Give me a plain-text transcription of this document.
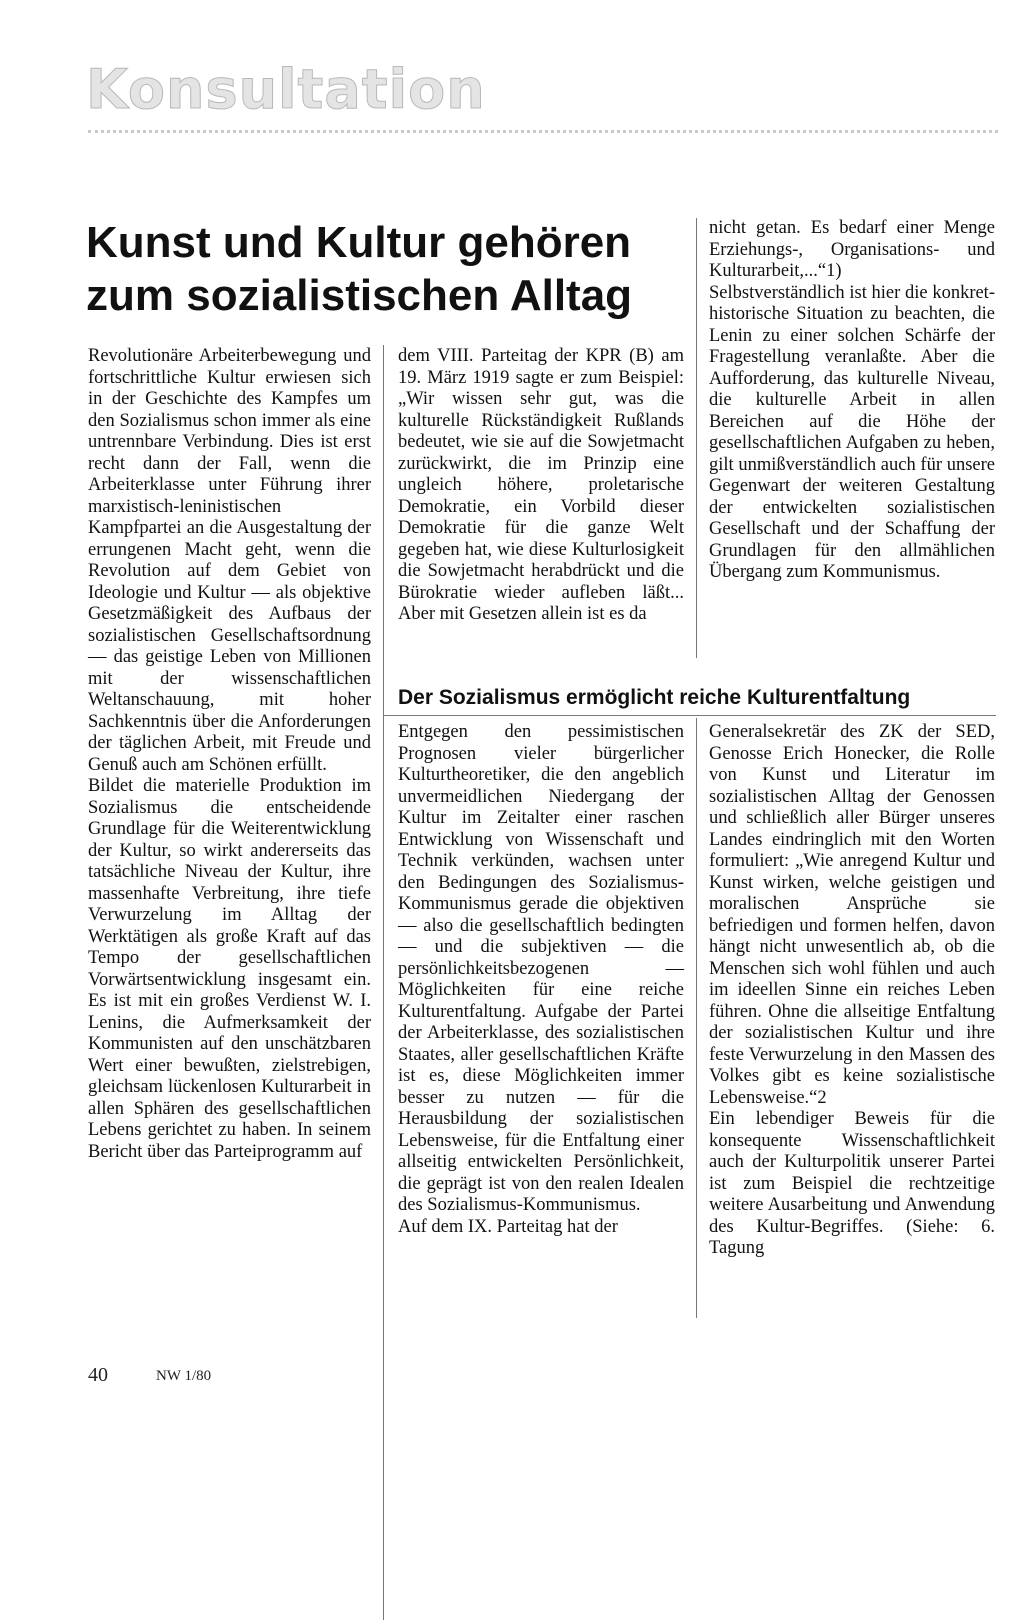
Konsultation
Kunst und Kultur gehören
zum sozialistischen Alltag

Revolutionäre Arbeiterbewegung und fortschrittliche Kultur erwiesen sich in der Geschichte des Kampfes um den Sozialismus schon immer als eine untrennbare Verbindung. Dies ist erst recht dann der Fall, wenn die Arbeiterklasse unter Führung ihrer marxistisch-leninistischen Kampfpartei an die Ausgestaltung der errungenen Macht geht, wenn die Revolution auf dem Gebiet von Ideologie und Kultur — als objektive Gesetzmäßigkeit des Aufbaus der sozialistischen Gesellschaftsordnung — das geistige Leben von Millionen mit der wissenschaftlichen Weltanschauung, mit hoher Sachkenntnis über die Anforderungen der täglichen Arbeit, mit Freude und Genuß auch am Schönen erfüllt.

Bildet die materielle Produktion im Sozialismus die entscheidende Grundlage für die Weiterentwicklung der Kultur, so wirkt andererseits das tatsächliche Niveau der Kultur, ihre massenhafte Verbreitung, ihre tiefe Verwurzelung im Alltag der Werktätigen als große Kraft auf das Tempo der gesellschaftlichen Vorwärtsentwicklung insgesamt ein. Es ist mit ein großes Verdienst W. I. Lenins, die Aufmerksamkeit der Kommunisten auf den unschätzbaren Wert einer bewußten, zielstrebigen, gleichsam lückenlosen Kulturarbeit in allen Sphären des gesellschaftlichen Lebens gerichtet zu haben. In seinem Bericht über das Parteiprogramm auf

dem VIII. Parteitag der KPR (B) am 19. März 1919 sagte er zum Beispiel: „Wir wissen sehr gut, was die kulturelle Rückständigkeit Rußlands bedeutet, wie sie auf die Sowjetmacht zurückwirkt, die im Prinzip eine ungleich höhere, proletarische Demokratie, ein Vorbild dieser Demokratie für die ganze Welt gegeben hat, wie diese Kulturlosigkeit die Sowjetmacht herabdrückt und die Bürokratie wieder aufleben läßt... Aber mit Gesetzen allein ist es da

nicht getan. Es bedarf einer Menge Erziehungs-, Organisations- und Kulturarbeit,...“1)

Selbstverständlich ist hier die konkret-historische Situation zu beachten, die Lenin zu einer solchen Schärfe der Fragestellung veranlaßte. Aber die Aufforderung, das kulturelle Niveau, die kulturelle Arbeit in allen Bereichen auf die Höhe der gesellschaftlichen Aufgaben zu heben, gilt unmißverständlich auch für unsere Gegenwart der weiteren Gestaltung der entwickelten sozialistischen Gesellschaft und der Schaffung der Grundlagen für den allmählichen Übergang zum Kommunismus.

Der Sozialismus ermöglicht reiche Kulturentfaltung

Entgegen den pessimistischen Prognosen vieler bürgerlicher Kulturtheoretiker, die den angeblich unvermeidlichen Niedergang der Kultur im Zeitalter einer raschen Entwicklung von Wissenschaft und Technik verkünden, wachsen unter den Bedingungen des Sozialismus-Kommunismus gerade die objektiven — also die gesellschaftlich bedingten — und die subjektiven — die persönlichkeitsbezogenen — Möglichkeiten für eine reiche Kulturentfaltung. Aufgabe der Partei der Arbeiterklasse, des sozialistischen Staates, aller gesellschaftlichen Kräfte ist es, diese Möglichkeiten immer besser zu nutzen — für die Herausbildung der sozialistischen Lebensweise, für die Entfaltung einer allseitig entwickelten Persönlichkeit, die geprägt ist von den realen Idealen des Sozialismus-Kommunismus.

Auf dem IX. Parteitag hat der

Generalsekretär des ZK der SED, Genosse Erich Honecker, die Rolle von Kunst und Literatur im sozialistischen Alltag der Genossen und schließlich aller Bürger unseres Landes eindringlich mit den Worten formuliert: „Wie anregend Kultur und Kunst wirken, welche geistigen und moralischen Ansprüche sie befriedigen und formen helfen, davon hängt nicht unwesentlich ab, ob die Menschen sich wohl fühlen und auch im ideellen Sinne ein reiches Leben führen. Ohne die allseitige Entfaltung der sozialistischen Kultur und ihre feste Verwurzelung in den Massen des Volkes gibt es keine sozialistische Lebensweise.“2

Ein lebendiger Beweis für die konsequente Wissenschaftlichkeit auch der Kulturpolitik unserer Partei ist zum Beispiel die rechtzeitige weitere Ausarbeitung und Anwendung des Kultur-Begriffes. (Siehe: 6. Tagung

40	NW 1/80
